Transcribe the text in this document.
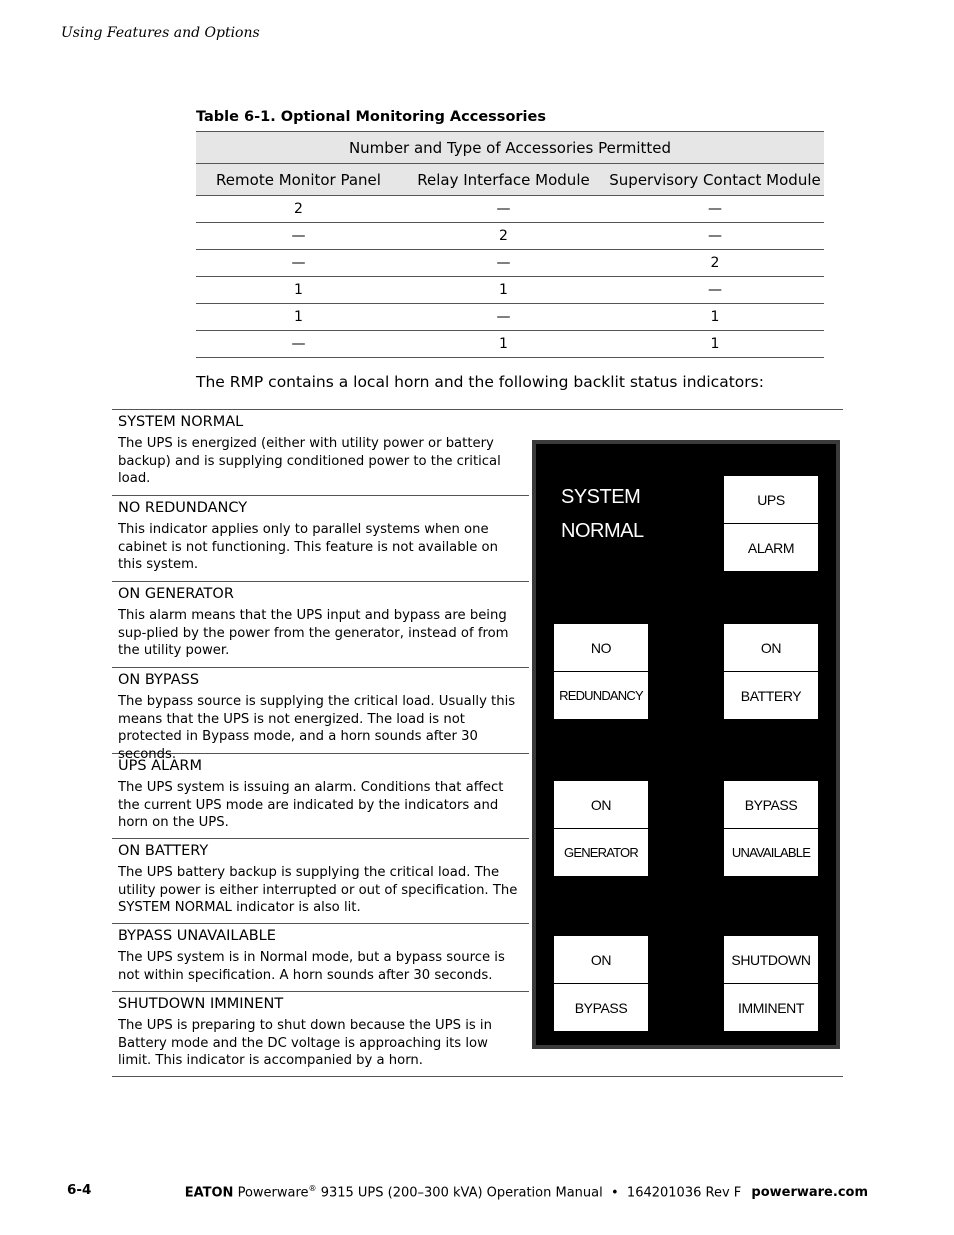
Using Features and Options
Table 6-1. Optional Monitoring Accessories
Number and Type of Accessories Permitted		
Remote Monitor Panel	Relay Interface Module	Supervisory Contact Module
2	—	—
—	2	—
—	—	2
1	1	—
1	—	1
—	1	1
The RMP contains a local horn and the following backlit status indicators:
SYSTEM NORMAL
The UPS is energized (either with utility power or battery backup) and is supplying conditioned power to the critical load.
NO REDUNDANCY
This indicator applies only to parallel systems when one cabinet is not functioning. This feature is not available on this system.
ON GENERATOR
This alarm means that the UPS input and bypass are being sup-plied by the power from the generator, instead of from the utility power.
ON BYPASS
The bypass source is supplying the critical load. Usually this means that the UPS is not energized. The load is not protected in Bypass mode, and a horn sounds after 30 seconds.
UPS ALARM
The UPS system is issuing an alarm. Conditions that affect the current UPS mode are indicated by the indicators and horn on the UPS.
ON BATTERY
The UPS battery backup is supplying the critical load. The utility power is either interrupted or out of specification. The SYSTEM NORMAL indicator is also lit.
BYPASS UNAVAILABLE
The UPS system is in Normal mode, but a bypass source is not within specification. A horn sounds after 30 seconds.
SHUTDOWN IMMINENT
The UPS is preparing to shut down because the UPS is in Battery mode and the DC voltage is approaching its low limit. This indicator is accompanied by a horn.
SYSTEM
NORMAL
UPS
ALARM
NO
REDUNDANCY
ON
BATTERY
ON
GENERATOR
BYPASS
UNAVAILABLE
ON
BYPASS
SHUTDOWN
IMMINENT
6-4	EATON Powerware® 9315 UPS (200–300 kVA) Operation Manual  •  164201036 Rev F powerware.com
